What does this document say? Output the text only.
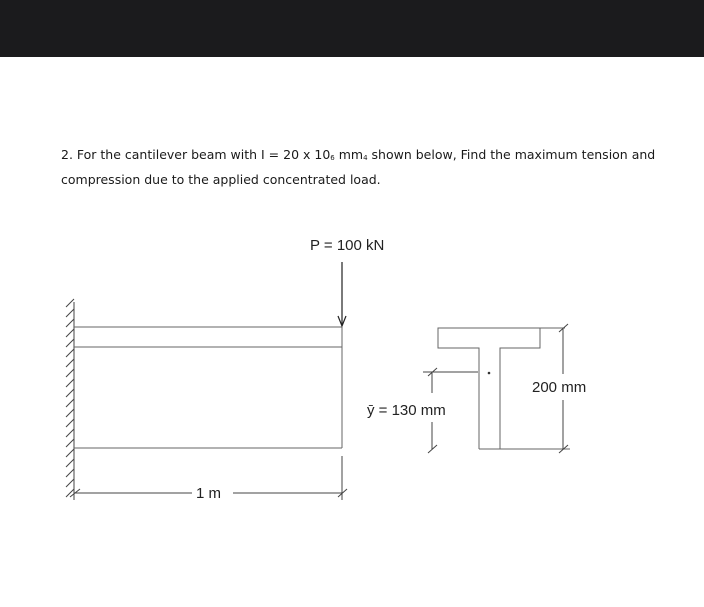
2. For the cantilever beam with I = 20 x $10^6$ $mm_4$ shown below, Find the maximum tension and compression due to the applied concentrated load.
P = 100 kN
1 m
ȳ = 130 mm
200 mm
